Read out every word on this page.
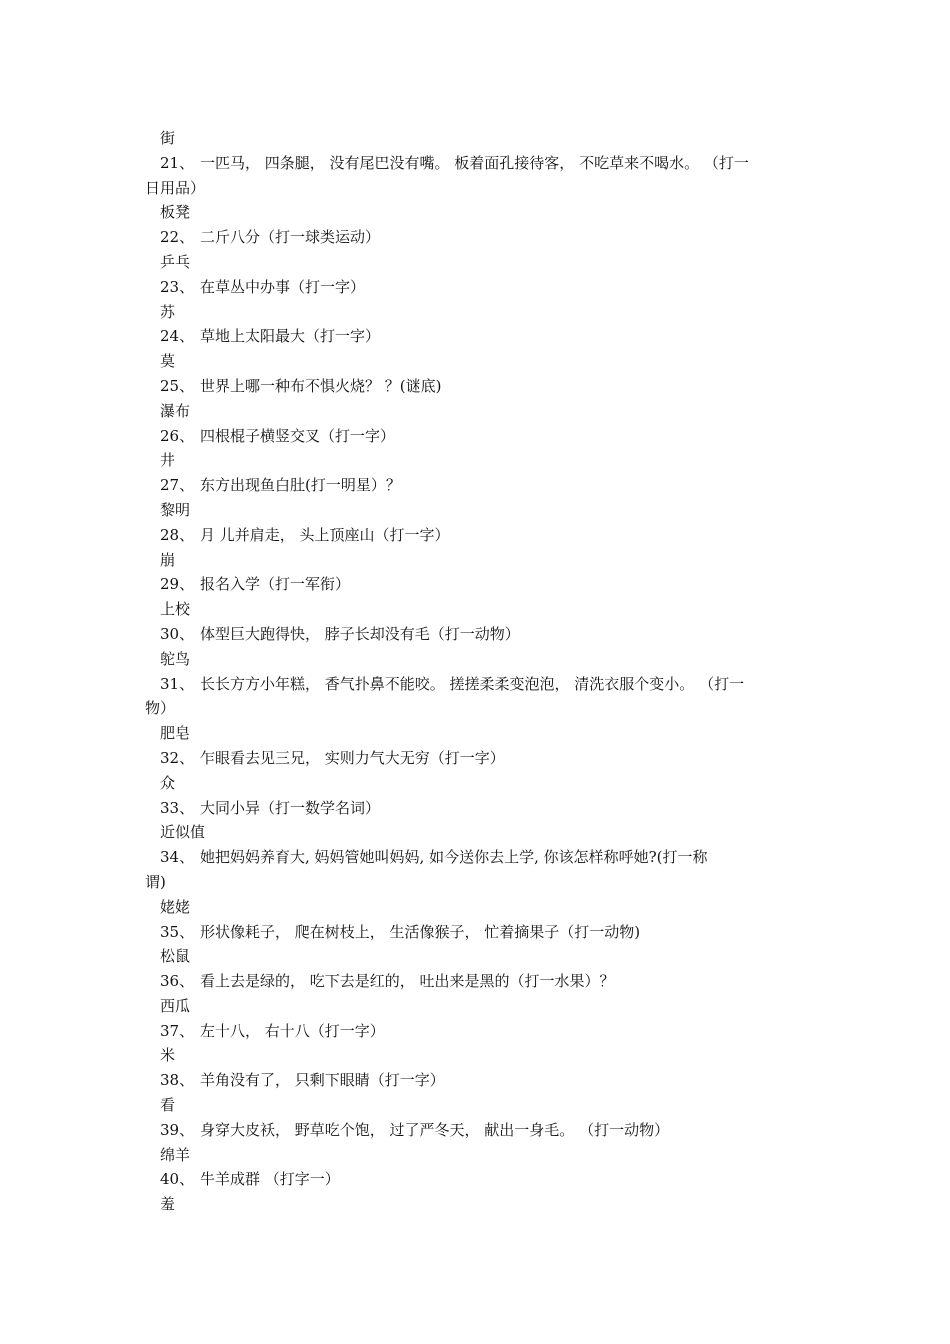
街
21、 一匹马， 四条腿， 没有尾巴没有嘴。 板着面孔接待客， 不吃草来不喝水。 （打一
日用品）
板凳
22、 二斤八分（打一球类运动）
乒乓
23、 在草丛中办事（打一字）
苏
24、 草地上太阳最大（打一字）
莫
25、 世界上哪一种布不惧火烧？ ？(谜底)
瀑布
26、 四根棍子横竖交叉（打一字）
井
27、 东方出现鱼白肚(打一明星）？
黎明
28、 月 儿并肩走， 头上顶座山（打一字）
崩
29、 报名入学（打一军衔）
上校
30、 体型巨大跑得快， 脖子长却没有毛（打一动物）
鸵鸟
31、 长长方方小年糕， 香气扑鼻不能咬。 搓搓柔柔变泡泡， 清洗衣服个变小。 （打一
物）
肥皂
32、 乍眼看去见三兄， 实则力气大无穷（打一字）
众
33、 大同小异（打一数学名词）
近似值
34、 她把妈妈养育大, 妈妈管她叫妈妈, 如今送你去上学, 你该怎样称呼她?(打一称
谓)
姥姥
35、 形状像耗子， 爬在树枝上， 生活像猴子， 忙着摘果子（打一动物)
松鼠
36、 看上去是绿的， 吃下去是红的， 吐出来是黑的（打一水果）？
西瓜
37、 左十八， 右十八（打一字）
米
38、 羊角没有了， 只剩下眼睛（打一字）
看
39、 身穿大皮袄， 野草吃个饱， 过了严冬天， 献出一身毛。 （打一动物）
绵羊
40、 牛羊成群 （打字一）
羞
